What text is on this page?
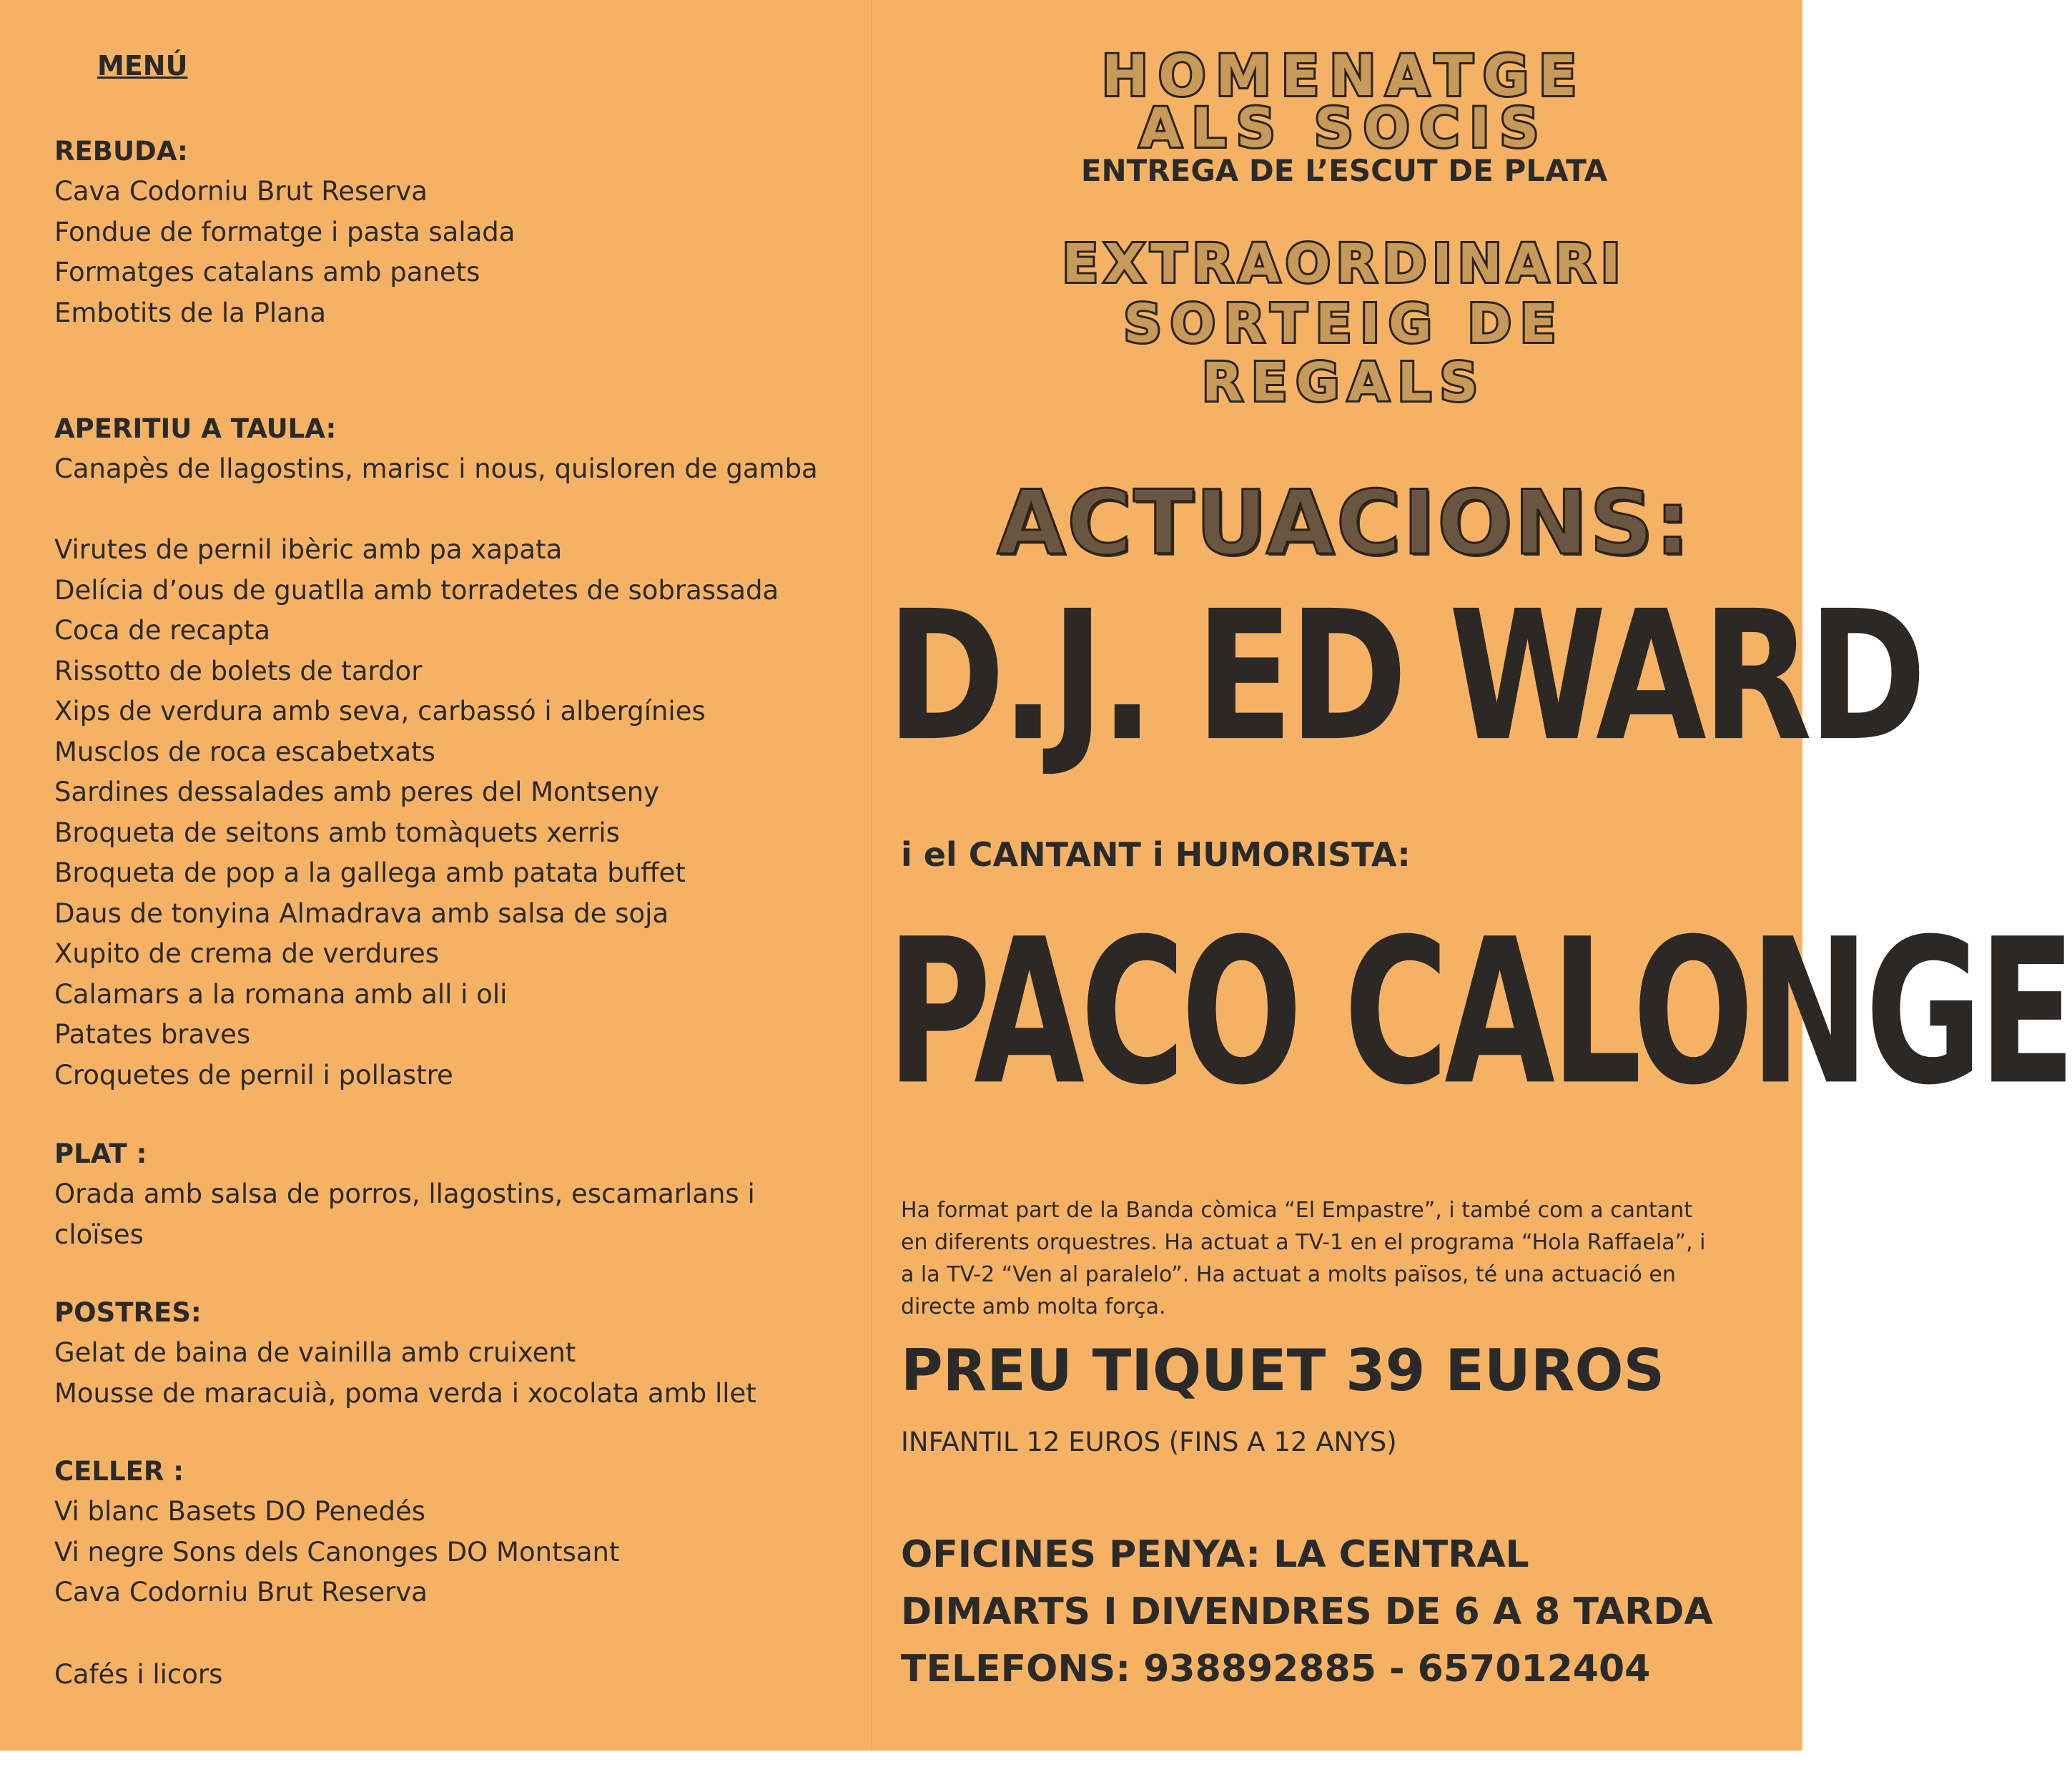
MENÚ
REBUDA:
Cava Codorniu Brut Reserva
Fondue de formatge i pasta salada
Formatges catalans amb panets
Embotits de la Plana
APERITIU A TAULA:
Canapès de llagostins, marisc i nous, quisloren de gamba
Virutes de pernil ibèric amb pa xapata
Delícia d’ous de guatlla amb torradetes de sobrassada
Coca de recapta
Rissotto de bolets de tardor
Xips de verdura amb seva, carbassó i albergínies
Musclos de roca escabetxats
Sardines dessalades amb peres del Montseny
Broqueta de seitons amb tomàquets xerris
Broqueta de pop a la gallega amb patata buffet
Daus de tonyina Almadrava amb salsa de soja
Xupito de crema de verdures
Calamars a la romana amb all i oli
Patates braves
Croquetes de pernil i pollastre
PLAT :
Orada amb salsa de porros, llagostins, escamarlans i cloïses
POSTRES:
Gelat de baina de vainilla amb cruixent
Mousse de maracuià, poma verda i xocolata amb llet
CELLER :
Vi blanc Basets DO Penedés
Vi negre Sons dels Canonges DO Montsant
Cava Codorniu Brut Reserva
Cafés i licors
HOMENATGE
ALS SOCIS
ENTREGA DE L’ESCUT DE PLATA
EXTRAORDINARI
SORTEIG DE
REGALS
ACTUACIONS:
D.J. ED WARD
i el CANTANT i HUMORISTA:
PACO CALONGE
Ha format part de la Banda còmica “El Empastre”, i també com a cantant en diferents orquestres. Ha actuat a TV-1 en el programa “Hola Raffaela”, i a la TV-2 “Ven al paralelo”. Ha actuat a molts països, té una actuació en directe amb molta força.
PREU TIQUET 39 EUROS
INFANTIL 12 EUROS (FINS A 12 ANYS)
OFICINES PENYA: LA CENTRAL
DIMARTS I DIVENDRES DE 6 A 8 TARDA
TELEFONS: 938892885 - 657012404
